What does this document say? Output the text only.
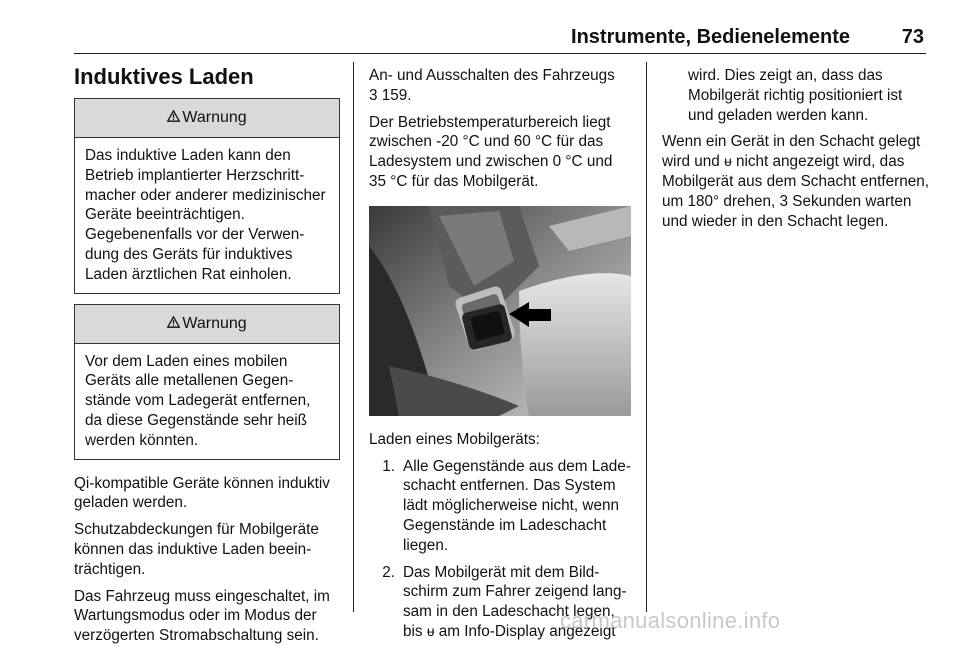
Instrumente, Bedienelemente	73
Induktives Laden
Warnung
Das induktive Laden kann den Betrieb implantierter Herzschrittmacher oder anderer medizinischer Geräte beeinträchtigen. Gegebenenfalls vor der Verwendung des Geräts für induktives Laden ärztlichen Rat einholen.
Warnung
Vor dem Laden eines mobilen Geräts alle metallenen Gegenstände vom Ladegerät entfernen, da diese Gegenstände sehr heiß werden könnten.

Qi-kompatible Geräte können induktiv geladen werden.

Schutzabdeckungen für Mobilgeräte können das induktive Laden beeinträchtigen.

Das Fahrzeug muss eingeschaltet, im Wartungsmodus oder im Modus der verzögerten Stromabschaltung sein.

An- und Ausschalten des Fahrzeugs
3 159.

Der Betriebstemperaturbereich liegt zwischen -20 °C und 60 °C für das Ladesystem und zwischen 0 °C und 35 °C für das Mobilgerät.

Laden eines Mobilgeräts:

1. Alle Gegenstände aus dem Ladeschacht entfernen. Das System lädt möglicherweise nicht, wenn Gegenstände im Ladeschacht liegen.
2. Das Mobilgerät mit dem Bildschirm zum Fahrer zeigend langsam in den Ladeschacht legen, bis ᵾ am Info-Display angezeigt

wird. Dies zeigt an, dass das Mobilgerät richtig positioniert ist und geladen werden kann.

Wenn ein Gerät in den Schacht gelegt wird und ᵾ nicht angezeigt wird, das Mobilgerät aus dem Schacht entfernen, um 180° drehen, 3 Sekunden warten und wieder in den Schacht legen.

carmanualsonline.info
